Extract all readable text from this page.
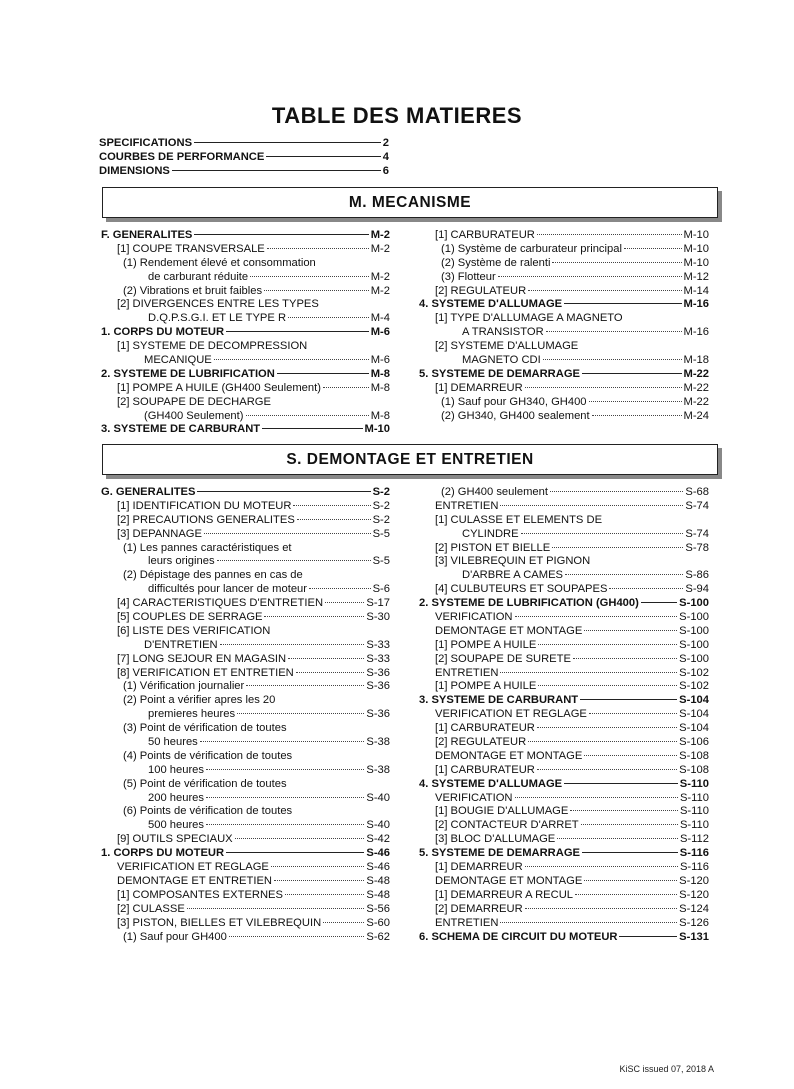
TABLE DES MATIERES
SPECIFICATIONS	2
COURBES DE PERFORMANCE	4
DIMENSIONS	6
M. MECANISME
F. GENERALITES	M-2
[1] COUPE TRANSVERSALE	M-2
(1) Rendement élevé et consommation
de carburant réduite	M-2
(2) Vibrations et bruit faibles	M-2
[2] DIVERGENCES ENTRE LES TYPES
D.Q.P.S.G.I. ET LE TYPE R	M-4
1. CORPS DU MOTEUR	M-6
[1] SYSTEME DE DECOMPRESSION
MECANIQUE	M-6
2. SYSTEME DE LUBRIFICATION	M-8
[1] POMPE A HUILE (GH400 Seulement)	M-8
[2] SOUPAPE DE DECHARGE
(GH400 Seulement)	M-8
3. SYSTEME DE CARBURANT	M-10
[1] CARBURATEUR	M-10
(1) Système de carburateur principal	M-10
(2) Système de ralenti	M-10
(3) Flotteur	M-12
[2] REGULATEUR	M-14
4. SYSTEME D'ALLUMAGE	M-16
[1] TYPE D'ALLUMAGE A MAGNETO
A TRANSISTOR	M-16
[2] SYSTEME D'ALLUMAGE
MAGNETO CDI	M-18
5. SYSTEME DE DEMARRAGE	M-22
[1] DEMARREUR	M-22
(1) Sauf pour GH340, GH400	M-22
(2) GH340, GH400 sealement	M-24
S. DEMONTAGE ET ENTRETIEN
G. GENERALITES	S-2
[1] IDENTIFICATION DU MOTEUR	S-2
[2] PRECAUTIONS GENERALITES	S-2
[3] DEPANNAGE	S-5
(1) Les pannes caractéristiques et
leurs origines	S-5
(2) Dépistage des pannes en cas de
difficultés pour lancer de moteur	S-6
[4] CARACTERISTIQUES D'ENTRETIEN	S-17
[5] COUPLES DE SERRAGE	S-30
[6] LISTE DES VERIFICATION
D'ENTRETIEN	S-33
[7] LONG SEJOUR EN MAGASIN	S-33
[8] VERIFICATION ET ENTRETIEN	S-36
(1) Vérification journalier	S-36
(2) Point a vérifier apres les 20
premieres heures	S-36
(3) Point de vérification de toutes
50 heures	S-38
(4) Points de vérification de toutes
100 heures	S-38
(5) Point de vérification de toutes
200 heures	S-40
(6) Points de vérification de toutes
500 heures	S-40
[9] OUTILS SPECIAUX	S-42
1. CORPS DU MOTEUR	S-46
VERIFICATION ET REGLAGE	S-46
DEMONTAGE ET ENTRETIEN	S-48
[1] COMPOSANTES EXTERNES	S-48
[2] CULASSE	S-56
[3] PISTON, BIELLES ET VILEBREQUIN	S-60
(1) Sauf pour GH400	S-62
(2) GH400 seulement	S-68
ENTRETIEN	S-74
[1] CULASSE ET ELEMENTS DE
CYLINDRE	S-74
[2] PISTON ET BIELLE	S-78
[3] VILEBREQUIN ET PIGNON
D'ARBRE A CAMES	S-86
[4] CULBUTEURS ET SOUPAPES	S-94
2. SYSTEME DE LUBRIFICATION (GH400)	S-100
VERIFICATION	S-100
DEMONTAGE ET MONTAGE	S-100
[1] POMPE A HUILE	S-100
[2] SOUPAPE DE SURETE	S-100
ENTRETIEN	S-102
[1] POMPE A HUILE	S-102
3. SYSTEME DE CARBURANT	S-104
VERIFICATION ET REGLAGE	S-104
[1] CARBURATEUR	S-104
[2] REGULATEUR	S-106
DEMONTAGE ET MONTAGE	S-108
[1] CARBURATEUR	S-108
4. SYSTEME D'ALLUMAGE	S-110
VERIFICATION	S-110
[1] BOUGIE D'ALLUMAGE	S-110
[2] CONTACTEUR D'ARRET	S-110
[3] BLOC D'ALLUMAGE	S-112
5. SYSTEME DE DEMARRAGE	S-116
[1] DEMARREUR	S-116
DEMONTAGE ET MONTAGE	S-120
[1] DEMARREUR A RECUL	S-120
[2] DEMARREUR	S-124
ENTRETIEN	S-126
6. SCHEMA DE CIRCUIT DU MOTEUR	S-131
KiSC issued 07, 2018 A
